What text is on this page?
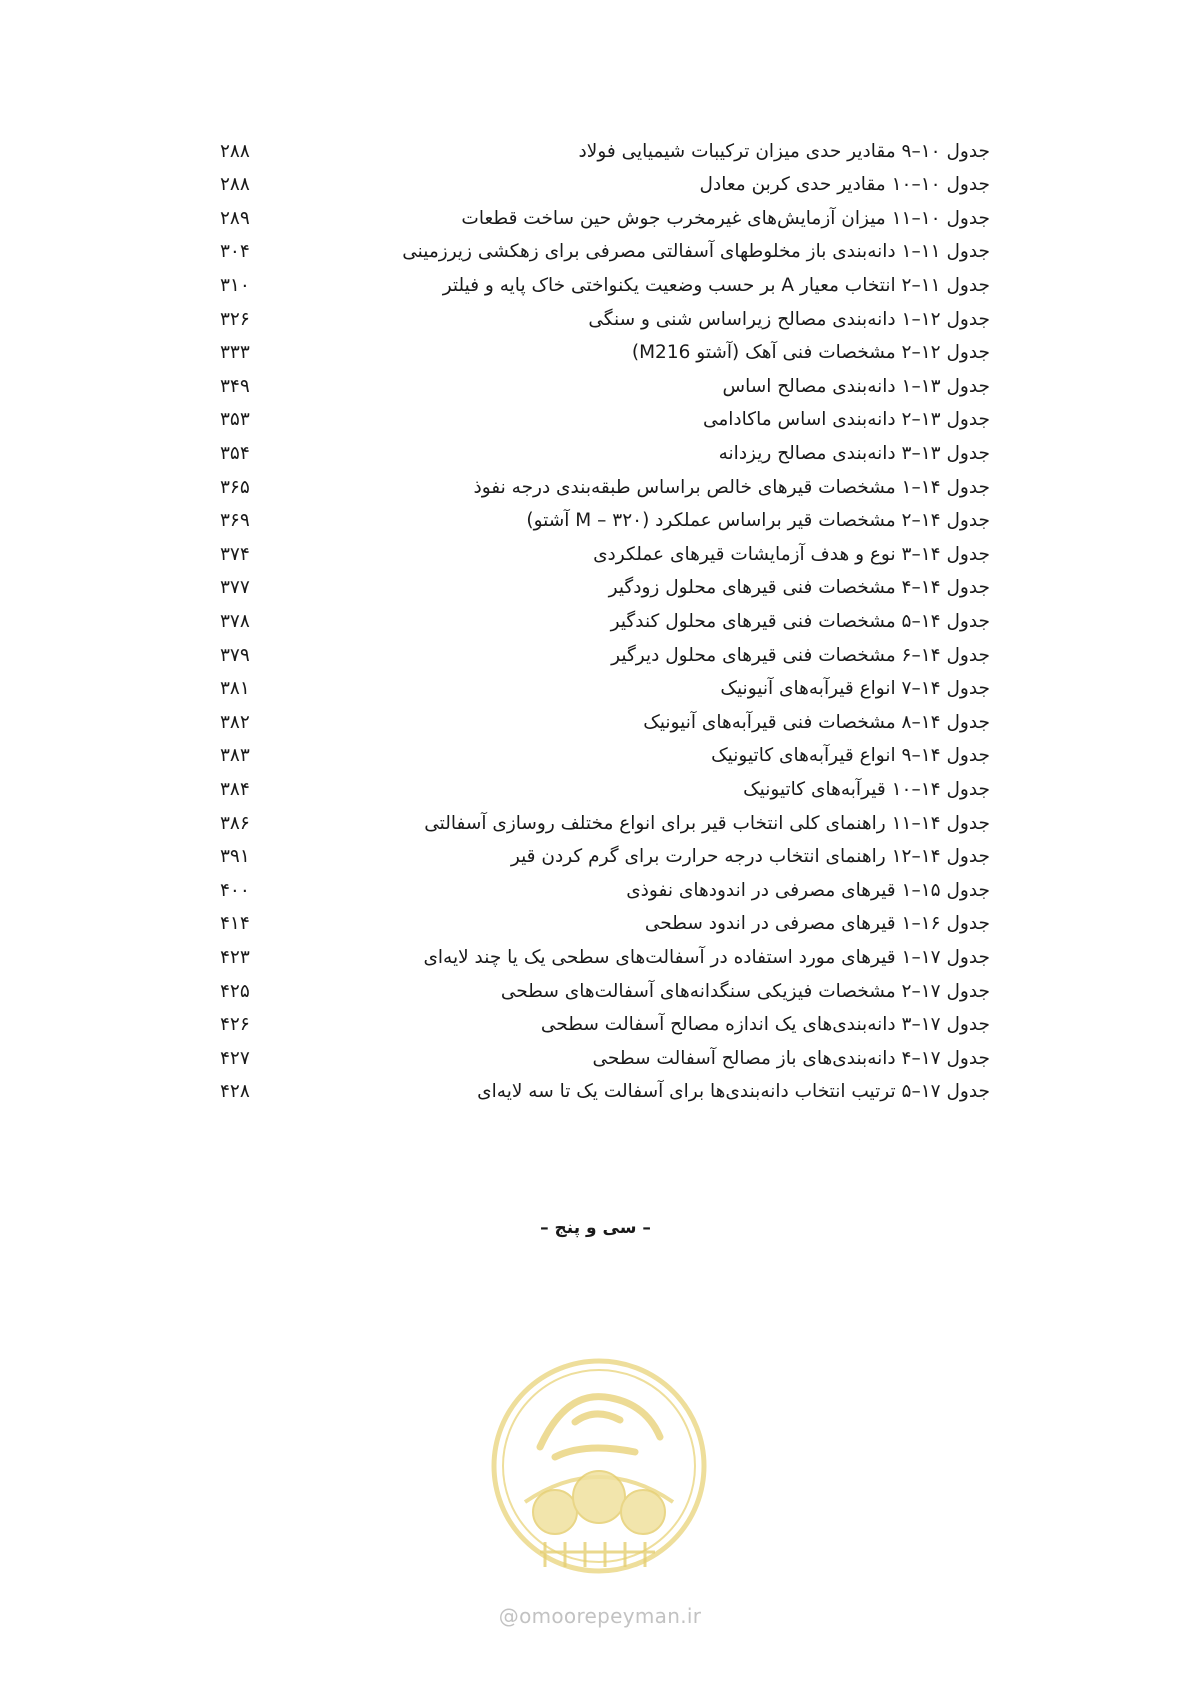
جدول ۱۰–۹ مقادیر حدی میزان ترکیبات شیمیایی فولاد
۲۸۸
جدول ۱۰–۱۰ مقادیر حدی کربن معادل
۲۸۸
جدول ۱۰–۱۱ میزان آزمایش‌های غیرمخرب جوش حین ساخت قطعات
۲۸۹
جدول ۱۱–۱ دانه‌بندی باز مخلوطهای آسفالتی مصرفی برای زهکشی زیرزمینی
۳۰۴
جدول ۱۱–۲ انتخاب معیار A بر حسب وضعیت یکنواختی خاک پایه و فیلتر
۳۱۰
جدول ۱۲–۱ دانه‌بندی مصالح زیراساس شنی و سنگی
۳۲۶
جدول ۱۲–۲ مشخصات فنی آهک (آشتو M216)
۳۳۳
جدول ۱۳–۱ دانه‌بندی مصالح اساس
۳۴۹
جدول ۱۳–۲ دانه‌بندی اساس ماکادامی
۳۵۳
جدول ۱۳–۳ دانه‌بندی مصالح ریزدانه
۳۵۴
جدول ۱۴–۱ مشخصات قیرهای خالص براساس طبقه‌بندی درجه نفوذ
۳۶۵
جدول ۱۴–۲ مشخصات قیر براساس عملکرد (۳۲۰ – M آشتو)
۳۶۹
جدول ۱۴–۳ نوع و هدف آزمایشات قیرهای عملکردی
۳۷۴
جدول ۱۴–۴ مشخصات فنی قیرهای محلول زودگیر
۳۷۷
جدول ۱۴–۵ مشخصات فنی قیرهای محلول کندگیر
۳۷۸
جدول ۱۴–۶ مشخصات فنی قیرهای محلول دیرگیر
۳۷۹
جدول ۱۴–۷ انواع قیرآبه‌های آنیونیک
۳۸۱
جدول ۱۴–۸ مشخصات فنی قیرآبه‌های آنیونیک
۳۸۲
جدول ۱۴–۹ انواع قیرآبه‌های کاتیونیک
۳۸۳
جدول ۱۴–۱۰ قیرآبه‌های کاتیونیک
۳۸۴
جدول ۱۴–۱۱ راهنمای کلی انتخاب قیر برای انواع مختلف روسازی آسفالتی
۳۸۶
جدول ۱۴–۱۲ راهنمای انتخاب درجه حرارت برای گرم کردن قیر
۳۹۱
جدول ۱۵–۱ قیرهای مصرفی در اندودهای نفوذی
۴۰۰
جدول ۱۶–۱ قیرهای مصرفی در اندود سطحی
۴۱۴
جدول ۱۷–۱ قیرهای مورد استفاده در آسفالت‌های سطحی یک یا چند لایه‌ای
۴۲۳
جدول ۱۷–۲ مشخصات فیزیکی سنگدانه‌های آسفالت‌های سطحی
۴۲۵
جدول ۱۷–۳ دانه‌بندی‌های یک اندازه مصالح آسفالت سطحی
۴۲۶
جدول ۱۷–۴ دانه‌بندی‌های باز مصالح آسفالت سطحی
۴۲۷
جدول ۱۷–۵ ترتیب انتخاب دانه‌بندی‌ها برای آسفالت یک تا سه لایه‌ای
۴۲۸
– سی و پنج –
@omoorepeyman.ir
